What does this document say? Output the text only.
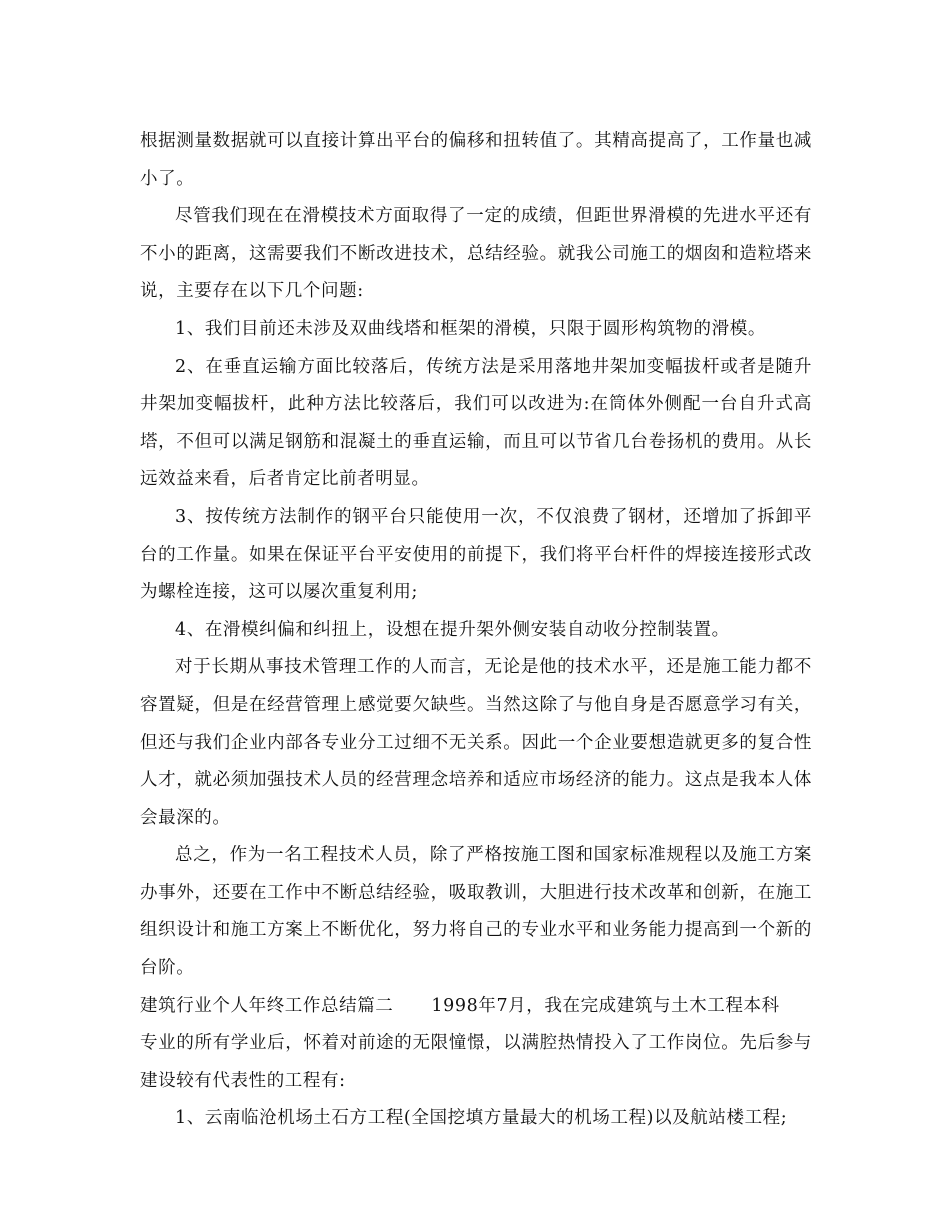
根据测量数据就可以直接计算出平台的偏移和扭转值了。其精高提高了，工作量也减小了。

尽管我们现在在滑模技术方面取得了一定的成绩，但距世界滑模的先进水平还有不小的距离，这需要我们不断改进技术，总结经验。就我公司施工的烟囱和造粒塔来说，主要存在以下几个问题:

1、我们目前还未涉及双曲线塔和框架的滑模，只限于圆形构筑物的滑模。

2、在垂直运输方面比较落后，传统方法是采用落地井架加变幅拔杆或者是随升井架加变幅拔杆，此种方法比较落后，我们可以改进为:在筒体外侧配一台自升式高塔，不但可以满足钢筋和混凝土的垂直运输，而且可以节省几台卷扬机的费用。从长远效益来看，后者肯定比前者明显。

3、按传统方法制作的钢平台只能使用一次，不仅浪费了钢材，还增加了拆卸平台的工作量。如果在保证平台平安使用的前提下，我们将平台杆件的焊接连接形式改为螺栓连接，这可以屡次重复利用;

4、在滑模纠偏和纠扭上，设想在提升架外侧安装自动收分控制装置。

对于长期从事技术管理工作的人而言，无论是他的技术水平，还是施工能力都不容置疑，但是在经营管理上感觉要欠缺些。当然这除了与他自身是否愿意学习有关，但还与我们企业内部各专业分工过细不无关系。因此一个企业要想造就更多的复合性人才，就必须加强技术人员的经营理念培养和适应市场经济的能力。这点是我本人体会最深的。

总之，作为一名工程技术人员，除了严格按施工图和国家标准规程以及施工方案办事外，还要在工作中不断总结经验，吸取教训，大胆进行技术改革和创新，在施工组织设计和施工方案上不断优化，努力将自己的专业水平和业务能力提高到一个新的台阶。

建筑行业个人年终工作总结篇二 1998年7月，我在完成建筑与土木工程本科

专业的所有学业后，怀着对前途的无限憧憬，以满腔热情投入了工作岗位。先后参与建设较有代表性的工程有:

1、云南临沧机场土石方工程(全国挖填方量最大的机场工程)以及航站楼工程;
